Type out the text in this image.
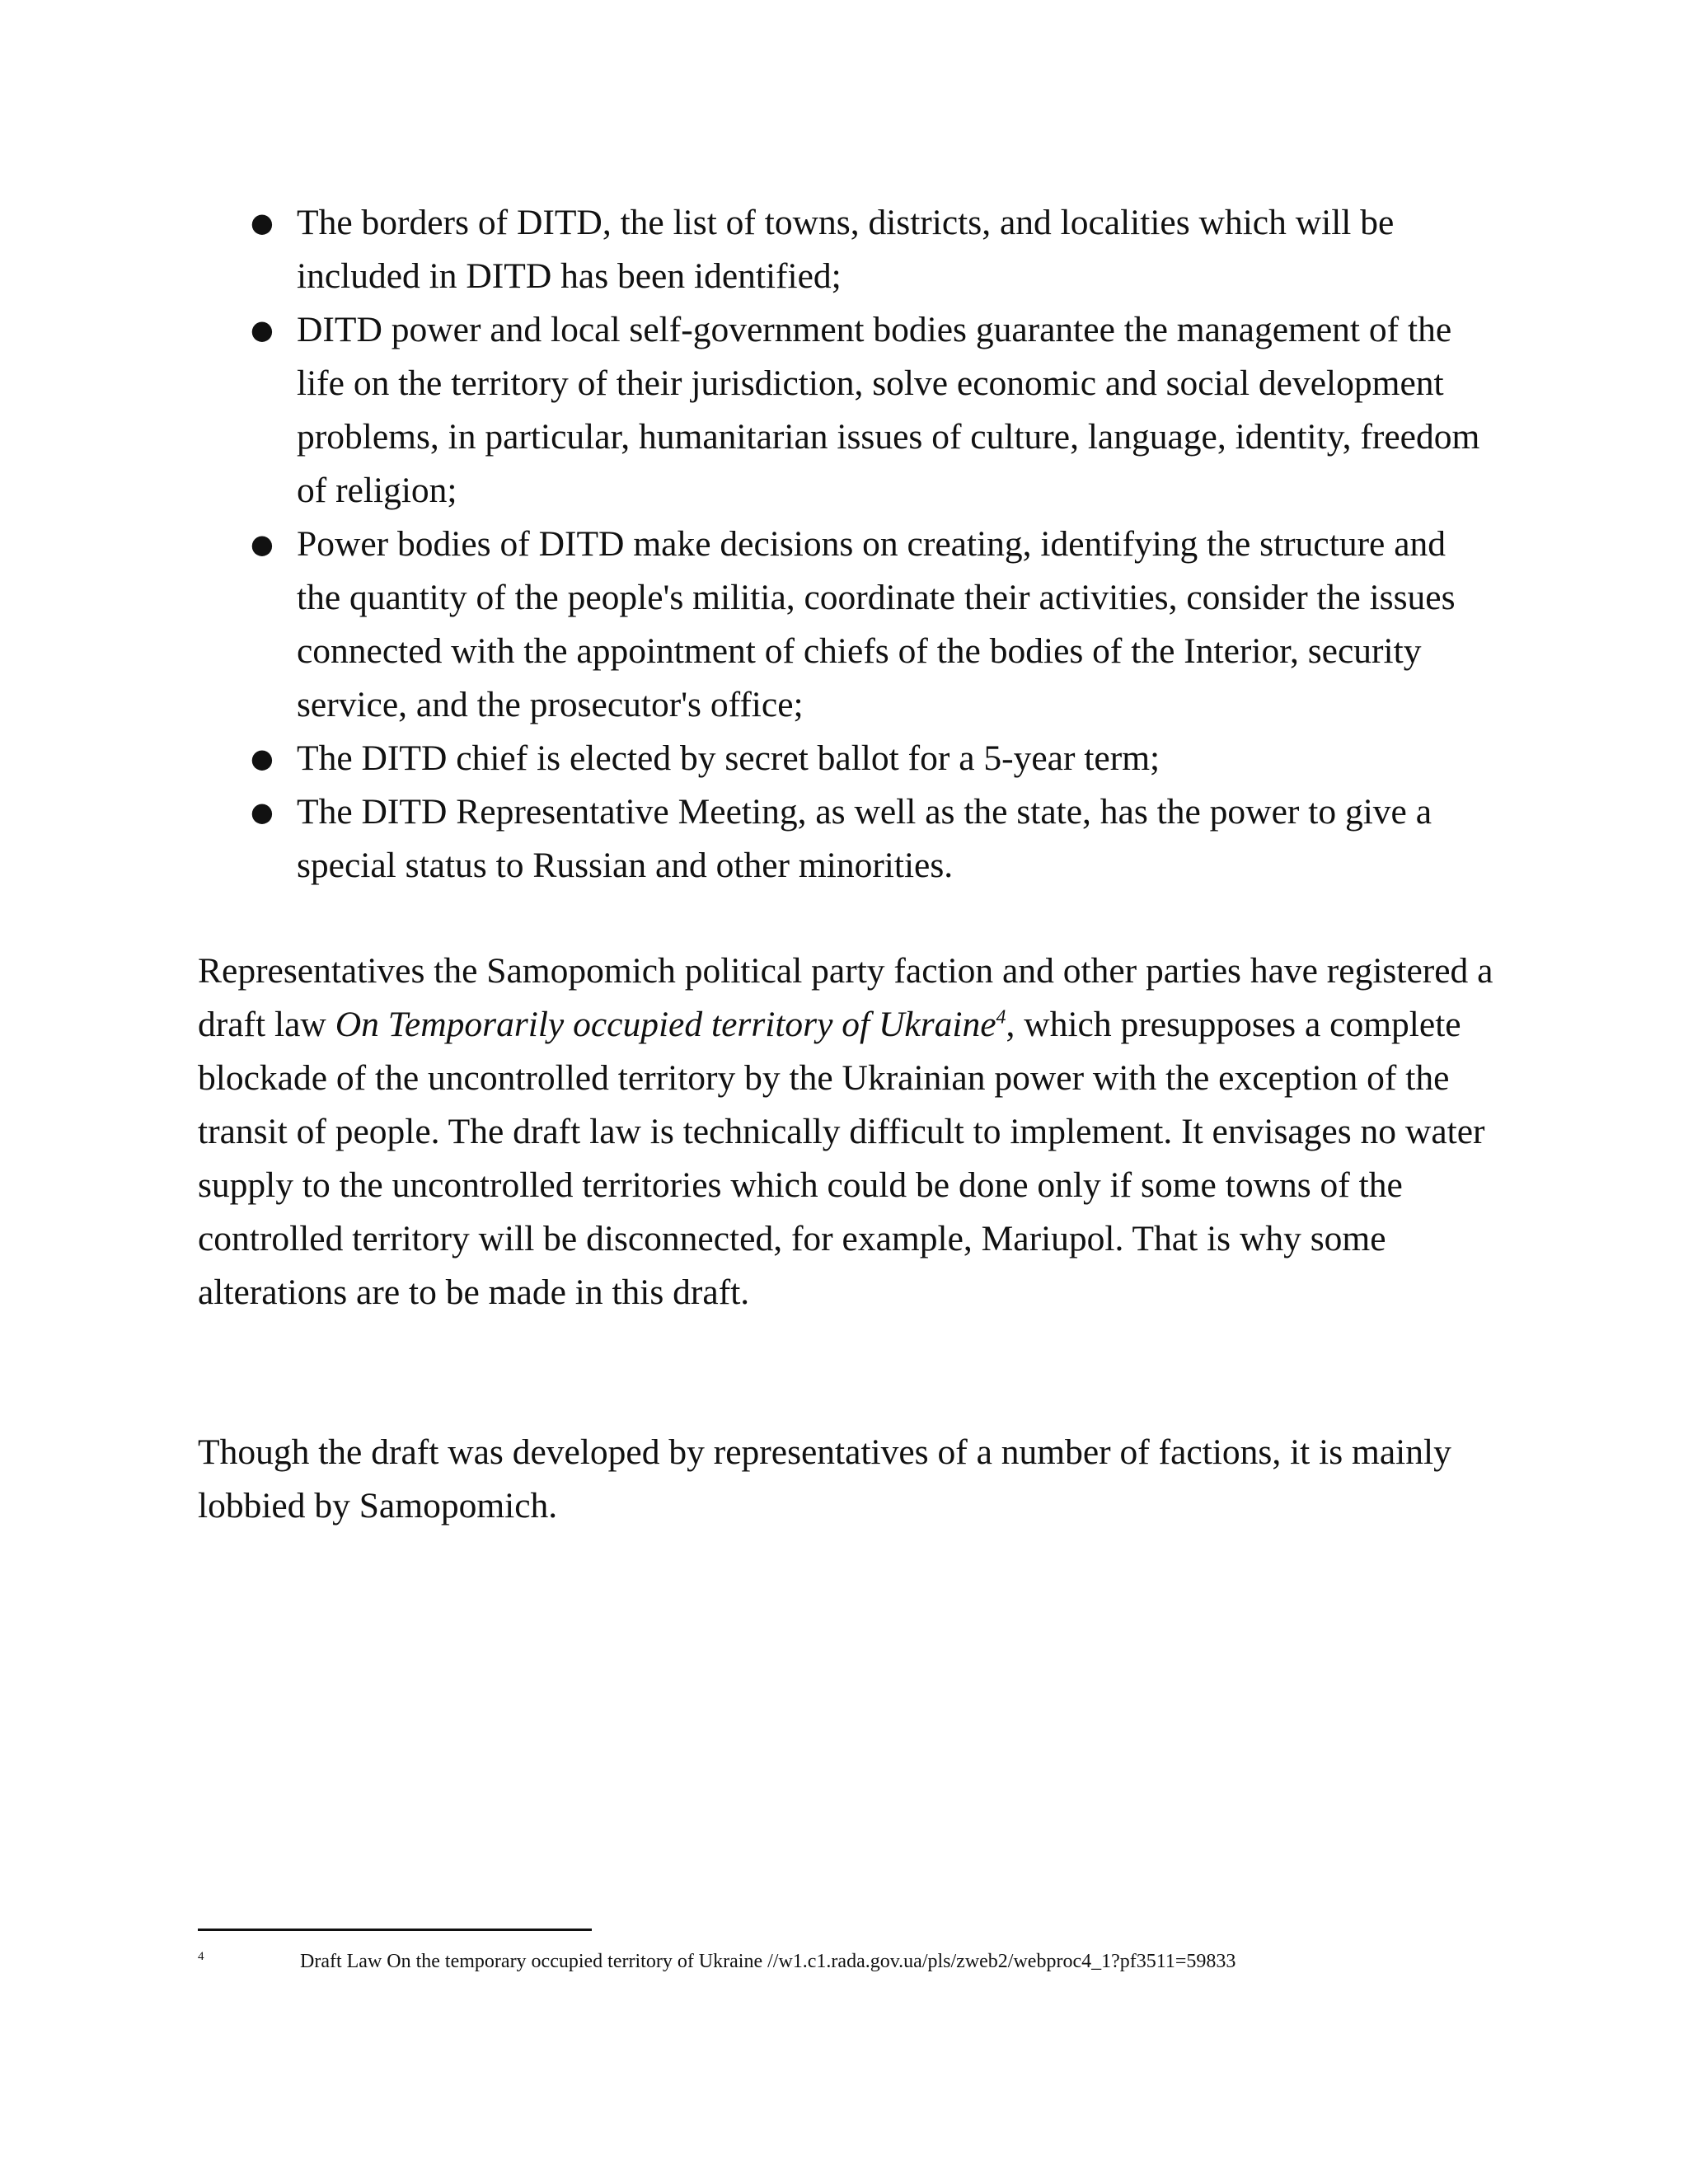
● The borders of DITD, the list of towns, districts, and localities which will be included in DITD has been identified;
● DITD power and local self-government bodies guarantee the management of the life on the territory of their jurisdiction, solve economic and social development problems, in particular, humanitarian issues of culture, language, identity, freedom of religion;
● Power bodies of DITD make decisions on creating, identifying the structure and the quantity of the people's militia, coordinate their activities, consider the issues connected with the appointment of chiefs of the bodies of the Interior, security service, and the prosecutor's office;
● The DITD chief is elected by secret ballot for a 5-year term;
● The DITD Representative Meeting, as well as the state, has the power to give a special status to Russian and other minorities.

Representatives the Samopomich political party faction and other parties have registered a draft law On Temporarily occupied territory of Ukraine$^4$, which presupposes a complete blockade of the uncontrolled territory by the Ukrainian power with the exception of the transit of people. The draft law is technically difficult to implement. It envisages no water supply to the uncontrolled territories which could be done only if some towns of the controlled territory will be disconnected, for example, Mariupol. That is why some alterations are to be made in this draft.

Though the draft was developed by representatives of a number of factions, it is mainly lobbied by Samopomich.

4	Draft Law On the temporary occupied territory of Ukraine //w1.c1.rada.gov.ua/pls/zweb2/webproc4_1?pf3511=59833
